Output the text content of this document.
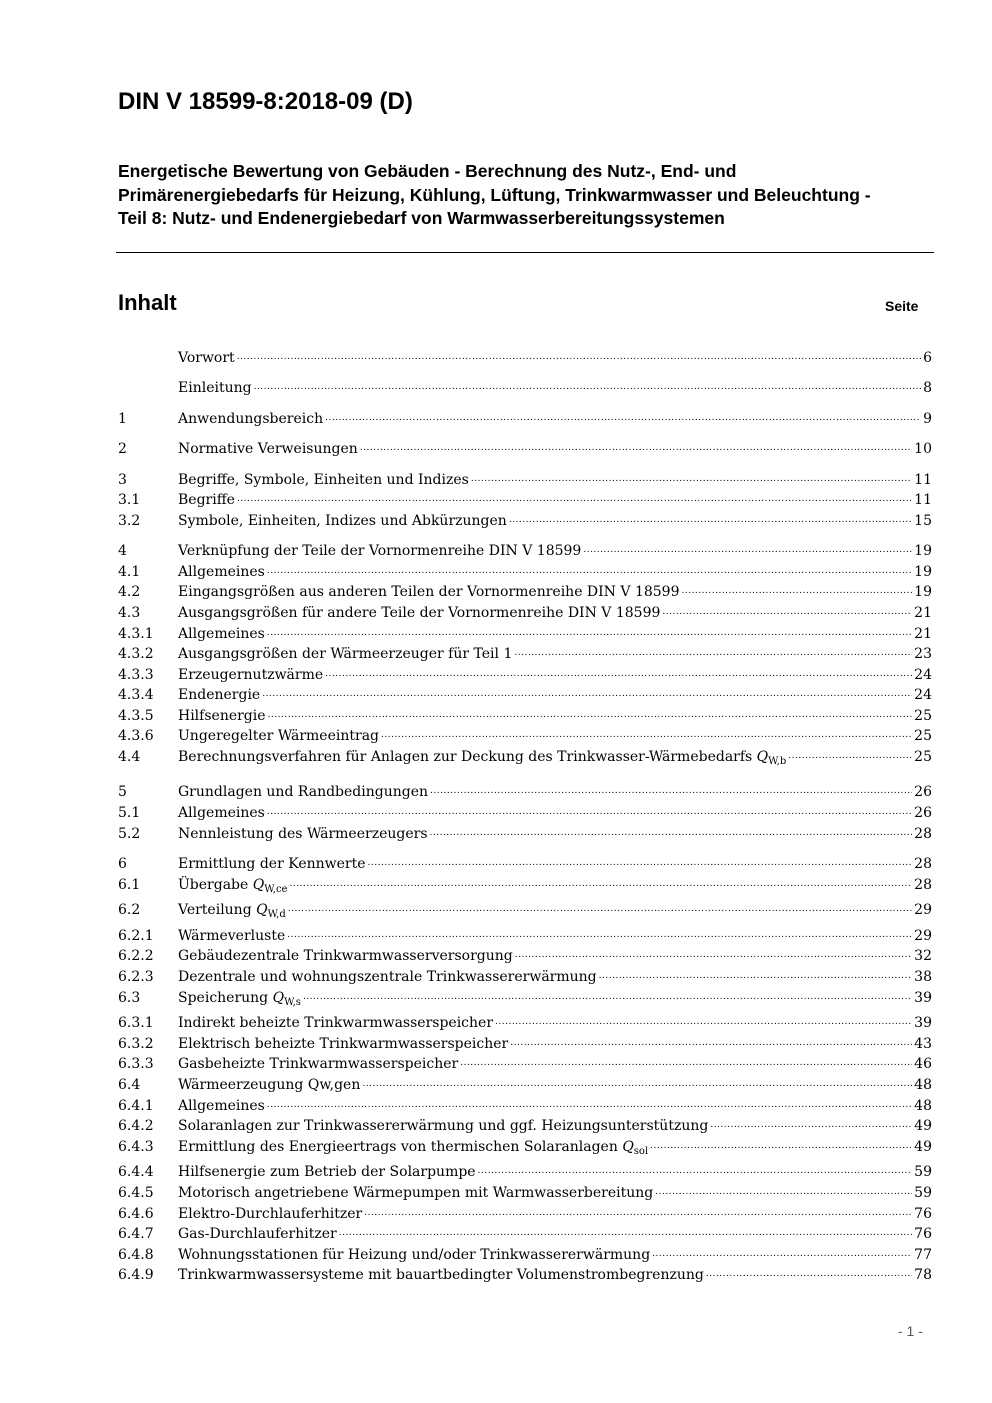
DIN V 18599-8:2018-09 (D)

Energetische Bewertung von Gebäuden - Berechnung des Nutz-, End- und Primärenergiebedarfs für Heizung, Kühlung, Lüftung, Trinkwarmwasser und Beleuchtung - Teil 8: Nutz- und Endenergiebedarf von Warmwasserbereitungssystemen

Inhalt	Seite
Vorwort .....	6
Einleitung .....	8
1	Anwendungsbereich .....	9
2	Normative Verweisungen .....	10
3	Begriffe, Symbole, Einheiten und Indizes .....	11
3.1	Begriffe .....	11
3.2	Symbole, Einheiten, Indizes und Abkürzungen .....	15
4	Verknüpfung der Teile der Vornormenreihe DIN V 18599 .....	19
4.1	Allgemeines .....	19
4.2	Eingangsgrößen aus anderen Teilen der Vornormenreihe DIN V 18599 .....	19
4.3	Ausgangsgrößen für andere Teile der Vornormenreihe DIN V 18599 .....	21
4.3.1	Allgemeines .....	21
4.3.2	Ausgangsgrößen der Wärmeerzeuger für Teil 1 .....	23
4.3.3	Erzeugernutzwärme .....	24
4.3.4	Endenergie .....	24
4.3.5	Hilfsenergie .....	25
4.3.6	Ungeregelter Wärmeeintrag .....	25
4.4	Berechnungsverfahren für Anlagen zur Deckung des Trinkwasser-Wärmebedarfs $Q_{W,b}$ .....	25
5	Grundlagen und Randbedingungen .....	26
5.1	Allgemeines .....	26
5.2	Nennleistung des Wärmeerzeugers .....	28
6	Ermittlung der Kennwerte .....	28
6.1	Übergabe $Q_{W,ce}$ .....	28
6.2	Verteilung $Q_{W,d}$ .....	29
6.2.1	Wärmeverluste .....	29
6.2.2	Gebäudezentrale Trinkwarmwasserversorgung .....	32
6.2.3	Dezentrale und wohnungszentrale Trinkwassererwärmung .....	38
6.3	Speicherung $Q_{W,s}$ .....	39
6.3.1	Indirekt beheizte Trinkwarmwasserspeicher .....	39
6.3.2	Elektrisch beheizte Trinkwarmwasserspeicher .....	43
6.3.3	Gasbeheizte Trinkwarmwasserspeicher .....	46
6.4	Wärmeerzeugung Qw,gen .....	48
6.4.1	Allgemeines .....	48
6.4.2	Solaranlagen zur Trinkwassererwärmung und ggf. Heizungsunterstützung .....	49
6.4.3	Ermittlung des Energieertrags von thermischen Solaranlagen $Q_{sol}$ .....	49
6.4.4	Hilfsenergie zum Betrieb der Solarpumpe .....	59
6.4.5	Motorisch angetriebene Wärmepumpen mit Warmwasserbereitung .....	59
6.4.6	Elektro-Durchlauferhitzer .....	76
6.4.7	Gas-Durchlauferhitzer .....	76
6.4.8	Wohnungsstationen für Heizung und/oder Trinkwassererwärmung .....	77
6.4.9	Trinkwarmwassersysteme mit bauartbedingter Volumenstrombegrenzung .....	78
- 1 -
